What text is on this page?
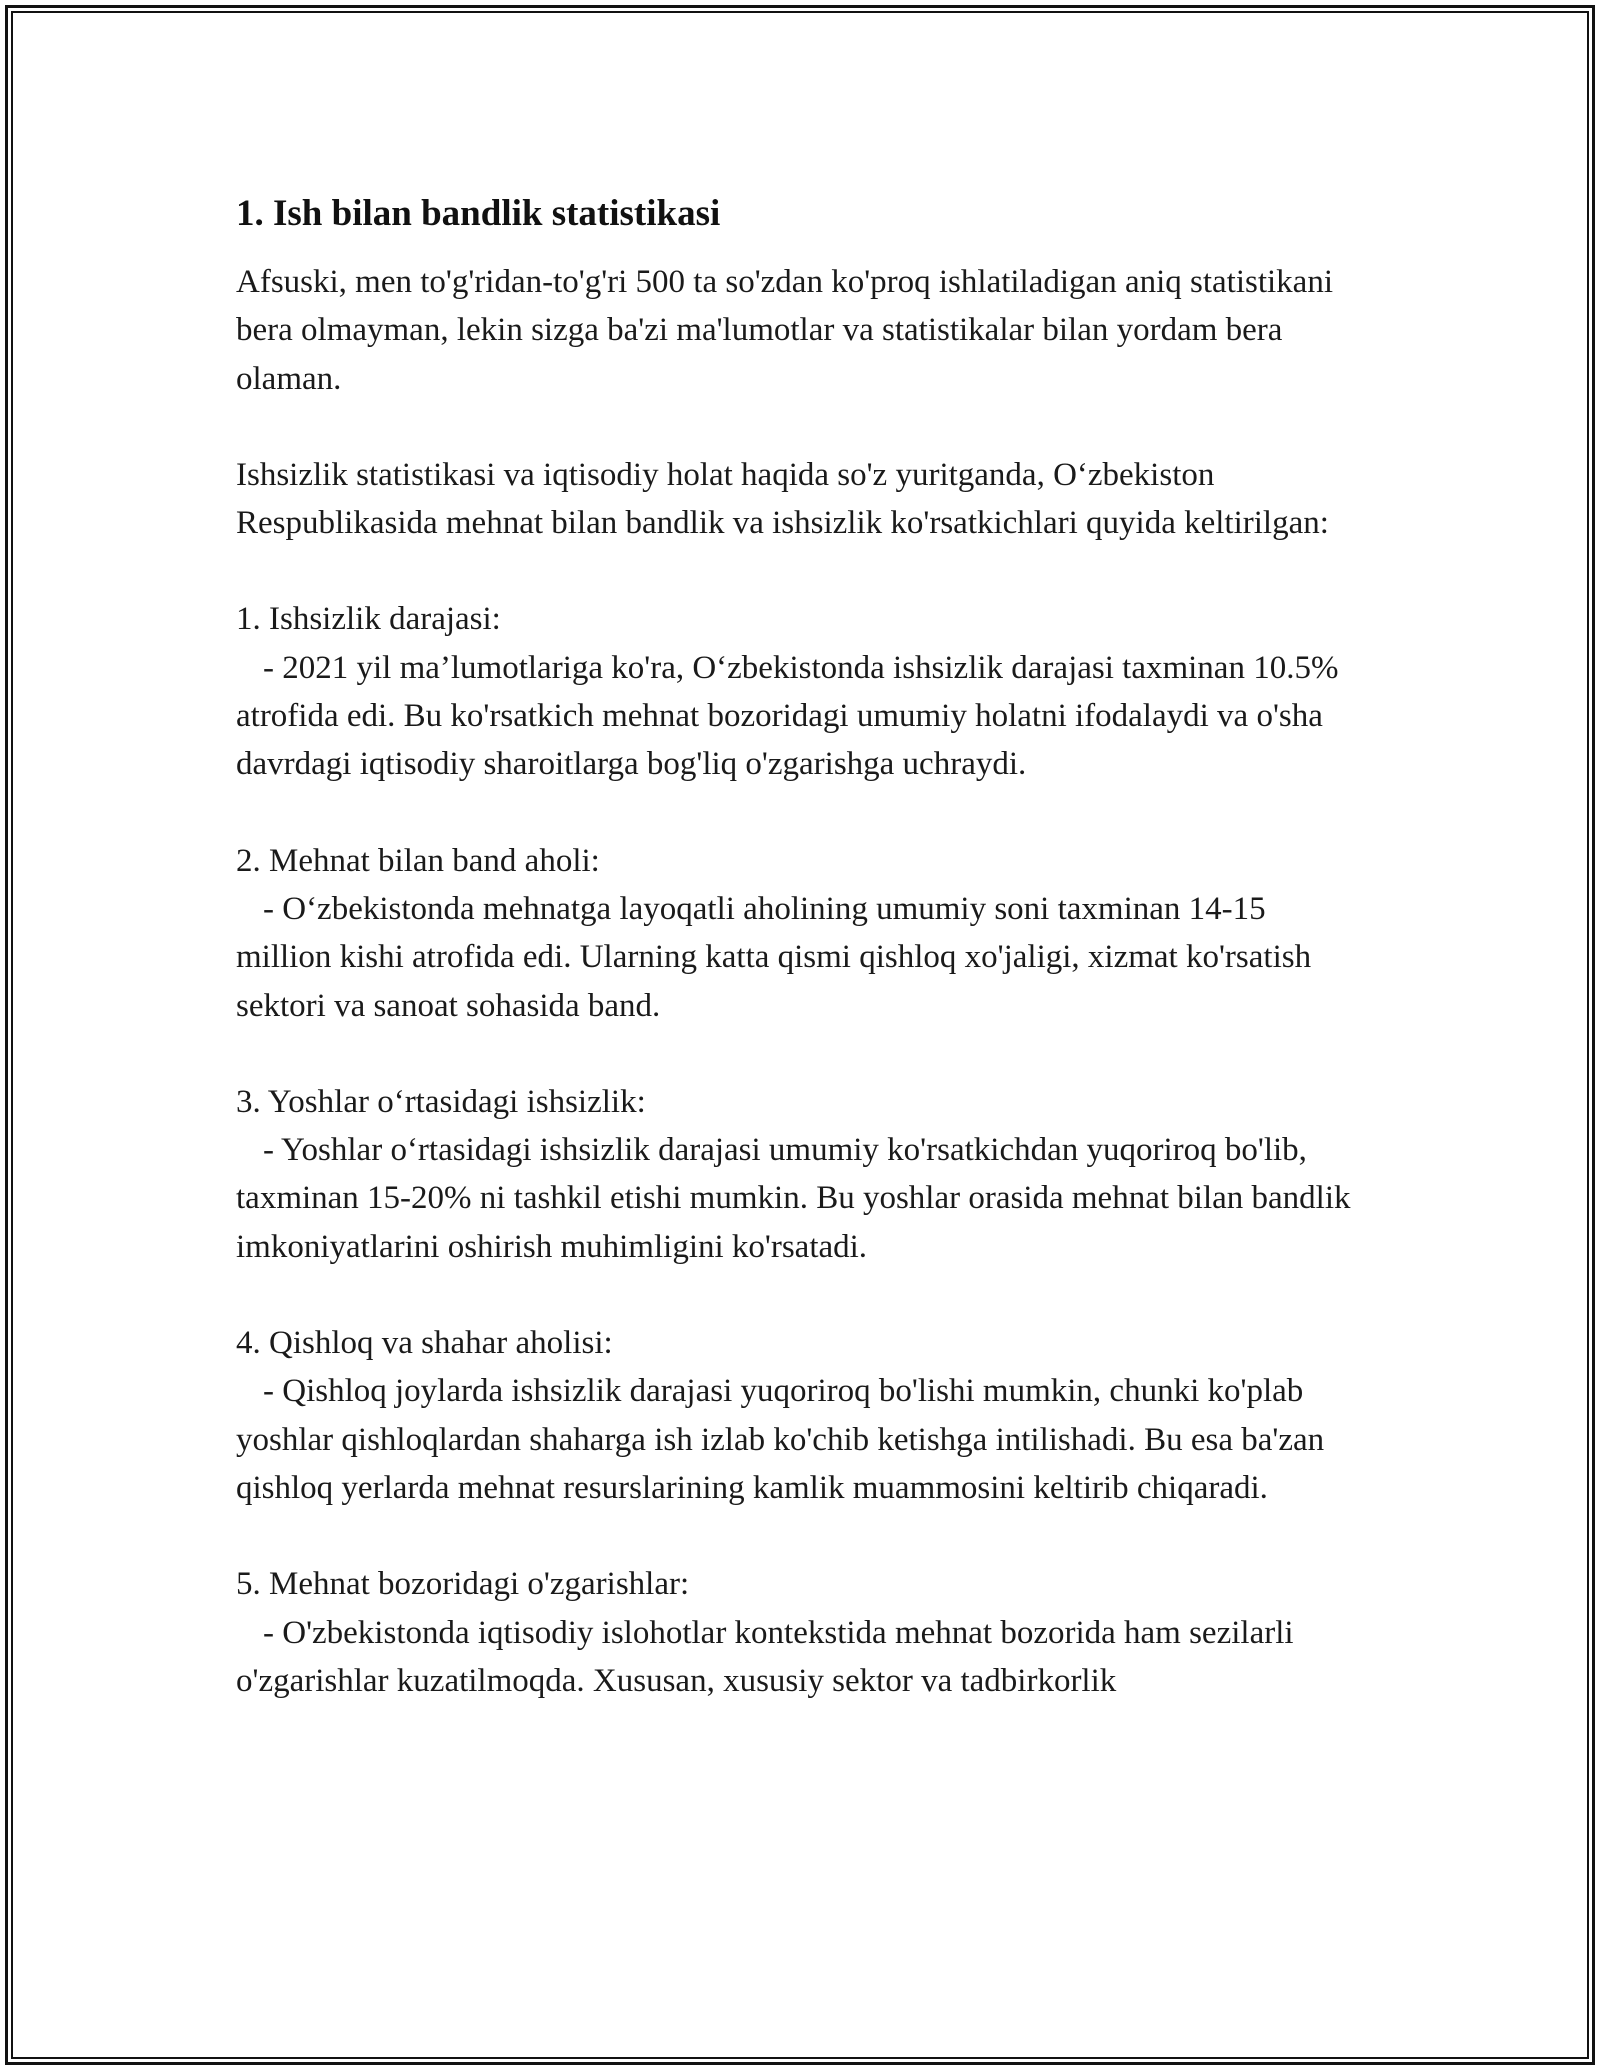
1. Ish bilan bandlik statistikasi

Afsuski, men to'g'ridan-to'g'ri 500 ta so'zdan ko'proq ishlatiladigan aniq statistikani bera olmayman, lekin sizga ba'zi ma'lumotlar va statistikalar bilan yordam bera olaman.

Ishsizlik statistikasi va iqtisodiy holat haqida so'z yuritganda, O‘zbekiston Respublikasida mehnat bilan bandlik va ishsizlik ko'rsatkichlari quyida keltirilgan:

1. Ishsizlik darajasi:
- 2021 yil ma’lumotlariga ko'ra, O‘zbekistonda ishsizlik darajasi taxminan 10.5% atrofida edi. Bu ko'rsatkich mehnat bozoridagi umumiy holatni ifodalaydi va o'sha davrdagi iqtisodiy sharoitlarga bog'liq o'zgarishga uchraydi.

2. Mehnat bilan band aholi:
- O‘zbekistonda mehnatga layoqatli aholining umumiy soni taxminan 14-15 million kishi atrofida edi. Ularning katta qismi qishloq xo'jaligi, xizmat ko'rsatish sektori va sanoat sohasida band.

3. Yoshlar o‘rtasidagi ishsizlik:
- Yoshlar o‘rtasidagi ishsizlik darajasi umumiy ko'rsatkichdan yuqoriroq bo'lib, taxminan 15-20% ni tashkil etishi mumkin. Bu yoshlar orasida mehnat bilan bandlik imkoniyatlarini oshirish muhimligini ko'rsatadi.

4. Qishloq va shahar aholisi:
- Qishloq joylarda ishsizlik darajasi yuqoriroq bo'lishi mumkin, chunki ko'plab yoshlar qishloqlardan shaharga ish izlab ko'chib ketishga intilishadi. Bu esa ba'zan qishloq yerlarda mehnat resurslarining kamlik muammosini keltirib chiqaradi.

5. Mehnat bozoridagi o'zgarishlar:
- O'zbekistonda iqtisodiy islohotlar kontekstida mehnat bozorida ham sezilarli o'zgarishlar kuzatilmoqda. Xususan, xususiy sektor va tadbirkorlik
